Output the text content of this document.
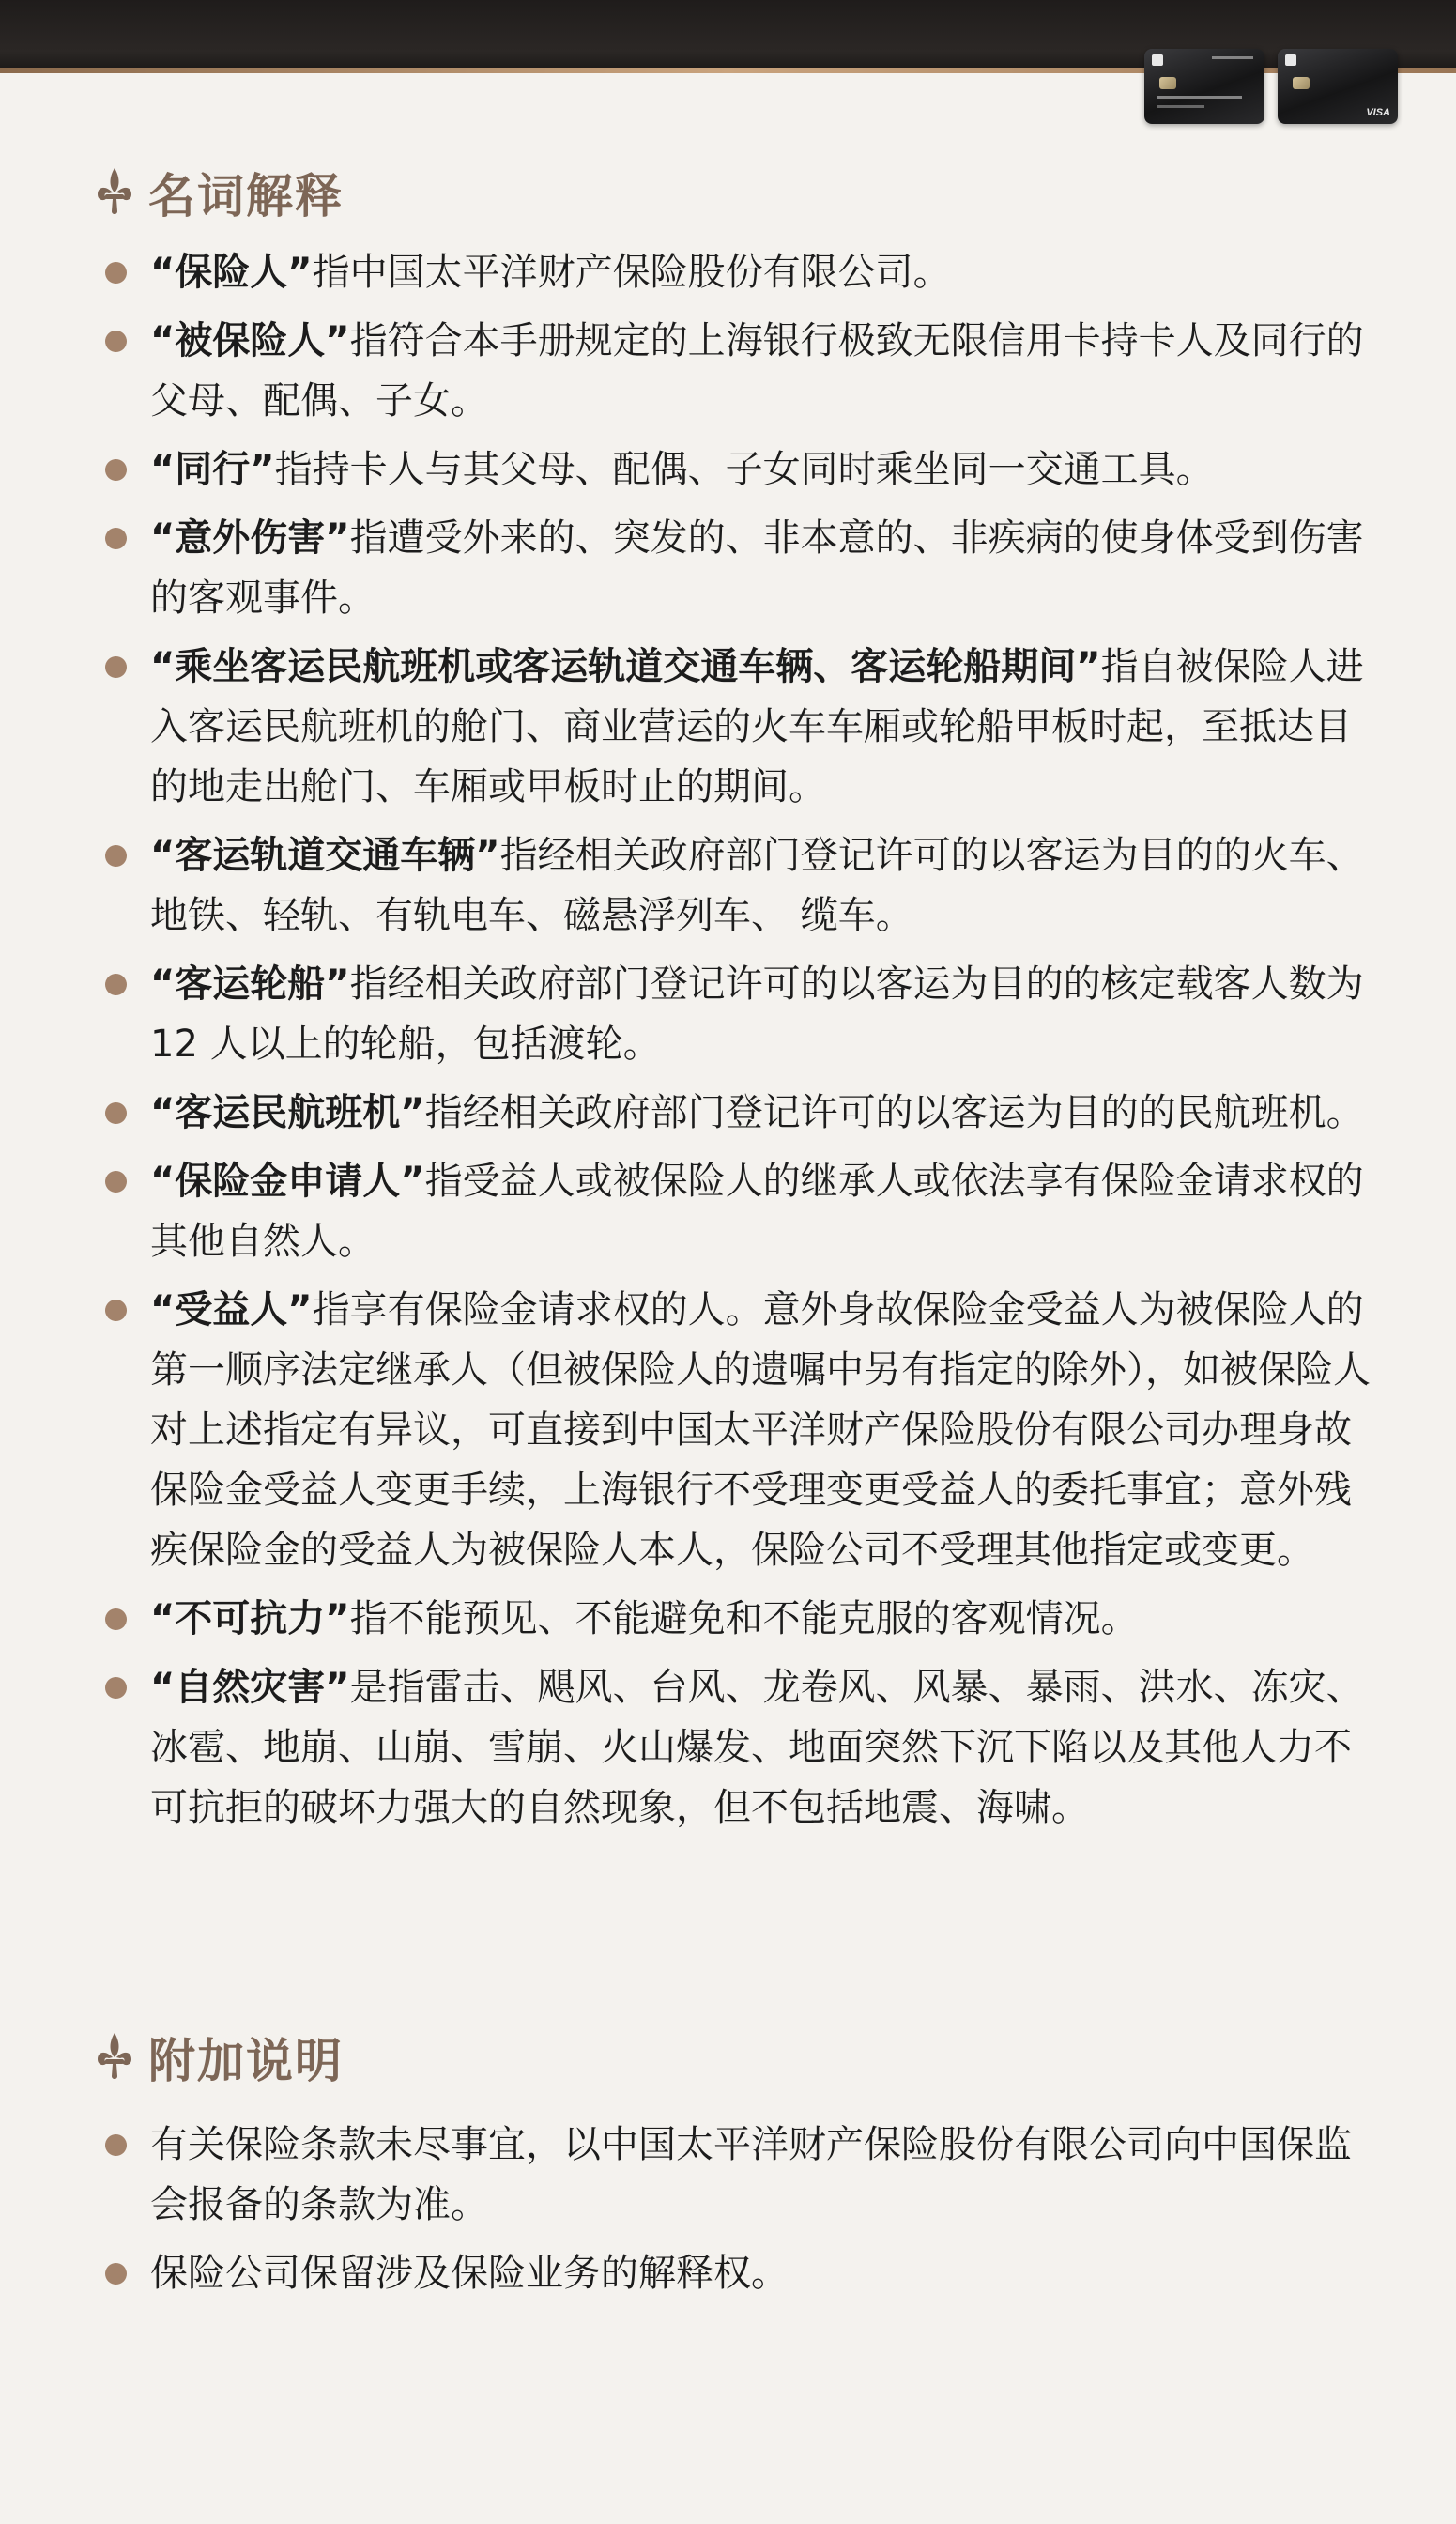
VISA
名词解释
“保险人”指中国太平洋财产保险股份有限公司。
“被保险人”指符合本手册规定的上海银行极致无限信用卡持卡人及同行的父母、配偶、子女。
“同行”指持卡人与其父母、配偶、子女同时乘坐同一交通工具。
“意外伤害”指遭受外来的、突发的、非本意的、非疾病的使身体受到伤害的客观事件。
“乘坐客运民航班机或客运轨道交通车辆、客运轮船期间”指自被保险人进入客运民航班机的舱门、商业营运的火车车厢或轮船甲板时起，至抵达目的地走出舱门、车厢或甲板时止的期间。
“客运轨道交通车辆”指经相关政府部门登记许可的以客运为目的的火车、地铁、轻轨、有轨电车、磁悬浮列车、 缆车。
“客运轮船”指经相关政府部门登记许可的以客运为目的的核定载客人数为 12 人以上的轮船，包括渡轮。
“客运民航班机”指经相关政府部门登记许可的以客运为目的的民航班机。
“保险金申请人”指受益人或被保险人的继承人或依法享有保险金请求权的其他自然人。
“受益人”指享有保险金请求权的人。意外身故保险金受益人为被保险人的第一顺序法定继承人（但被保险人的遗嘱中另有指定的除外），如被保险人对上述指定有异议，可直接到中国太平洋财产保险股份有限公司办理身故保险金受益人变更手续，上海银行不受理变更受益人的委托事宜；意外残疾保险金的受益人为被保险人本人，保险公司不受理其他指定或变更。
“不可抗力”指不能预见、不能避免和不能克服的客观情况。
“自然灾害”是指雷击、飓风、台风、龙卷风、风暴、暴雨、洪水、冻灾、冰雹、地崩、山崩、雪崩、火山爆发、地面突然下沉下陷以及其他人力不可抗拒的破坏力强大的自然现象，但不包括地震、海啸。
附加说明
有关保险条款未尽事宜，以中国太平洋财产保险股份有限公司向中国保监会报备的条款为准。
保险公司保留涉及保险业务的解释权。
